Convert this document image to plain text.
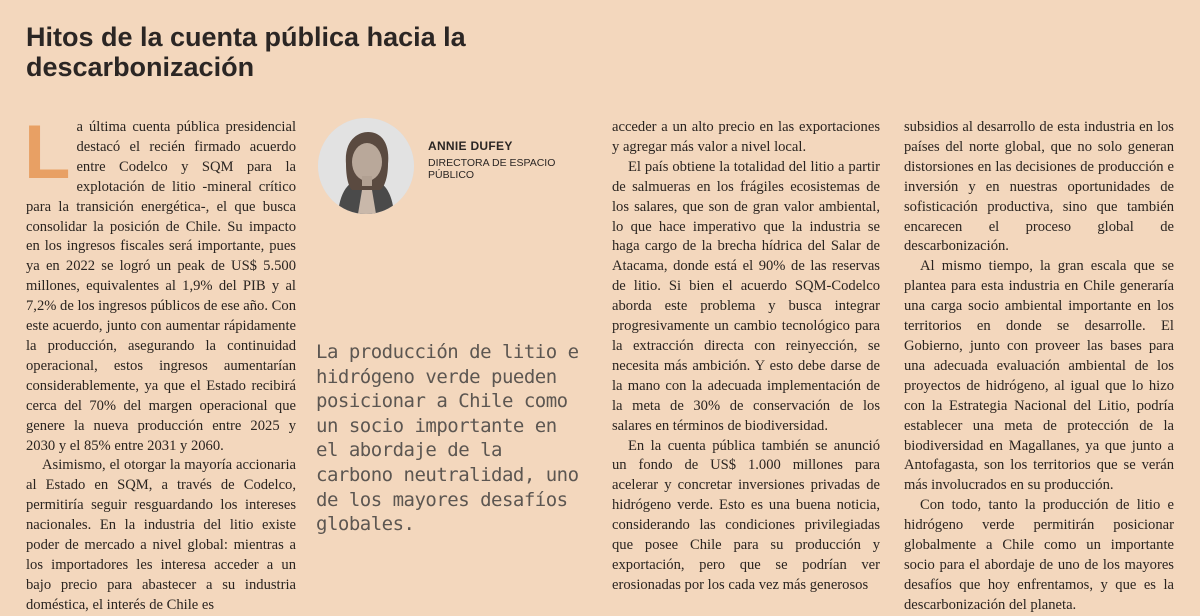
Hitos de la cuenta pública hacia la descarbonización
L a última cuenta pública presidencial destacó el recién firmado acuerdo entre Codelco y SQM para la explotación de litio -mineral crítico para la transición energética-, el que busca consolidar la posición de Chile. Su impacto en los ingresos fiscales será importante, pues ya en 2022 se logró un peak de US$ 5.500 millones, equivalentes al 1,9% del PIB y al 7,2% de los ingresos públicos de ese año. Con este acuerdo, junto con aumentar rápidamente la producción, asegurando la continuidad operacional, estos ingresos aumentarían considerablemente, ya que el Estado recibirá cerca del 70% del margen operacional que genere la nueva producción entre 2025 y 2030 y el 85% entre 2031 y 2060.

Asimismo, el otorgar la mayoría accionaria al Estado en SQM, a través de Codelco, permitiría seguir resguardando los intereses nacionales. En la industria del litio existe poder de mercado a nivel global: mientras a los importadores les interesa acceder a un bajo precio para abastecer a su industria doméstica, el interés de Chile es

ANNIE DUFEY
DIRECTORA DE ESPACIO PÚBLICO

La producción de litio e hidrógeno verde pueden posicionar a Chile como un socio importante en el abordaje de la carbono neutralidad, uno de los mayores desafíos globales.

acceder a un alto precio en las exportaciones y agregar más valor a nivel local.

El país obtiene la totalidad del litio a partir de salmueras en los frágiles ecosistemas de los salares, que son de gran valor ambiental, lo que hace imperativo que la industria se haga cargo de la brecha hídrica del Salar de Atacama, donde está el 90% de las reservas de litio. Si bien el acuerdo SQM-Codelco aborda este problema y busca integrar progresivamente un cambio tecnológico para la extracción directa con reinyección, se necesita más ambición. Y esto debe darse de la mano con la adecuada implementación de la meta de 30% de conservación de los salares en términos de biodiversidad.

En la cuenta pública también se anunció un fondo de US$ 1.000 millones para acelerar y concretar inversiones privadas de hidrógeno verde. Esto es una buena noticia, considerando las condiciones privilegiadas que posee Chile para su producción y exportación, pero que se podrían ver erosionadas por los cada vez más generosos

subsidios al desarrollo de esta industria en los países del norte global, que no solo generan distorsiones en las decisiones de producción e inversión y en nuestras oportunidades de sofisticación productiva, sino que también encarecen el proceso global de descarbonización.

Al mismo tiempo, la gran escala que se plantea para esta industria en Chile generaría una carga socio ambiental importante en los territorios en donde se desarrolle. El Gobierno, junto con proveer las bases para una adecuada evaluación ambiental de los proyectos de hidrógeno, al igual que lo hizo con la Estrategia Nacional del Litio, podría establecer una meta de protección de la biodiversidad en Magallanes, ya que junto a Antofagasta, son los territorios que se verán más involucrados en su producción.

Con todo, tanto la producción de litio e hidrógeno verde permitirán posicionar globalmente a Chile como un importante socio para el abordaje de uno de los mayores desafíos que hoy enfrentamos, y que es la descarbonización del planeta.
